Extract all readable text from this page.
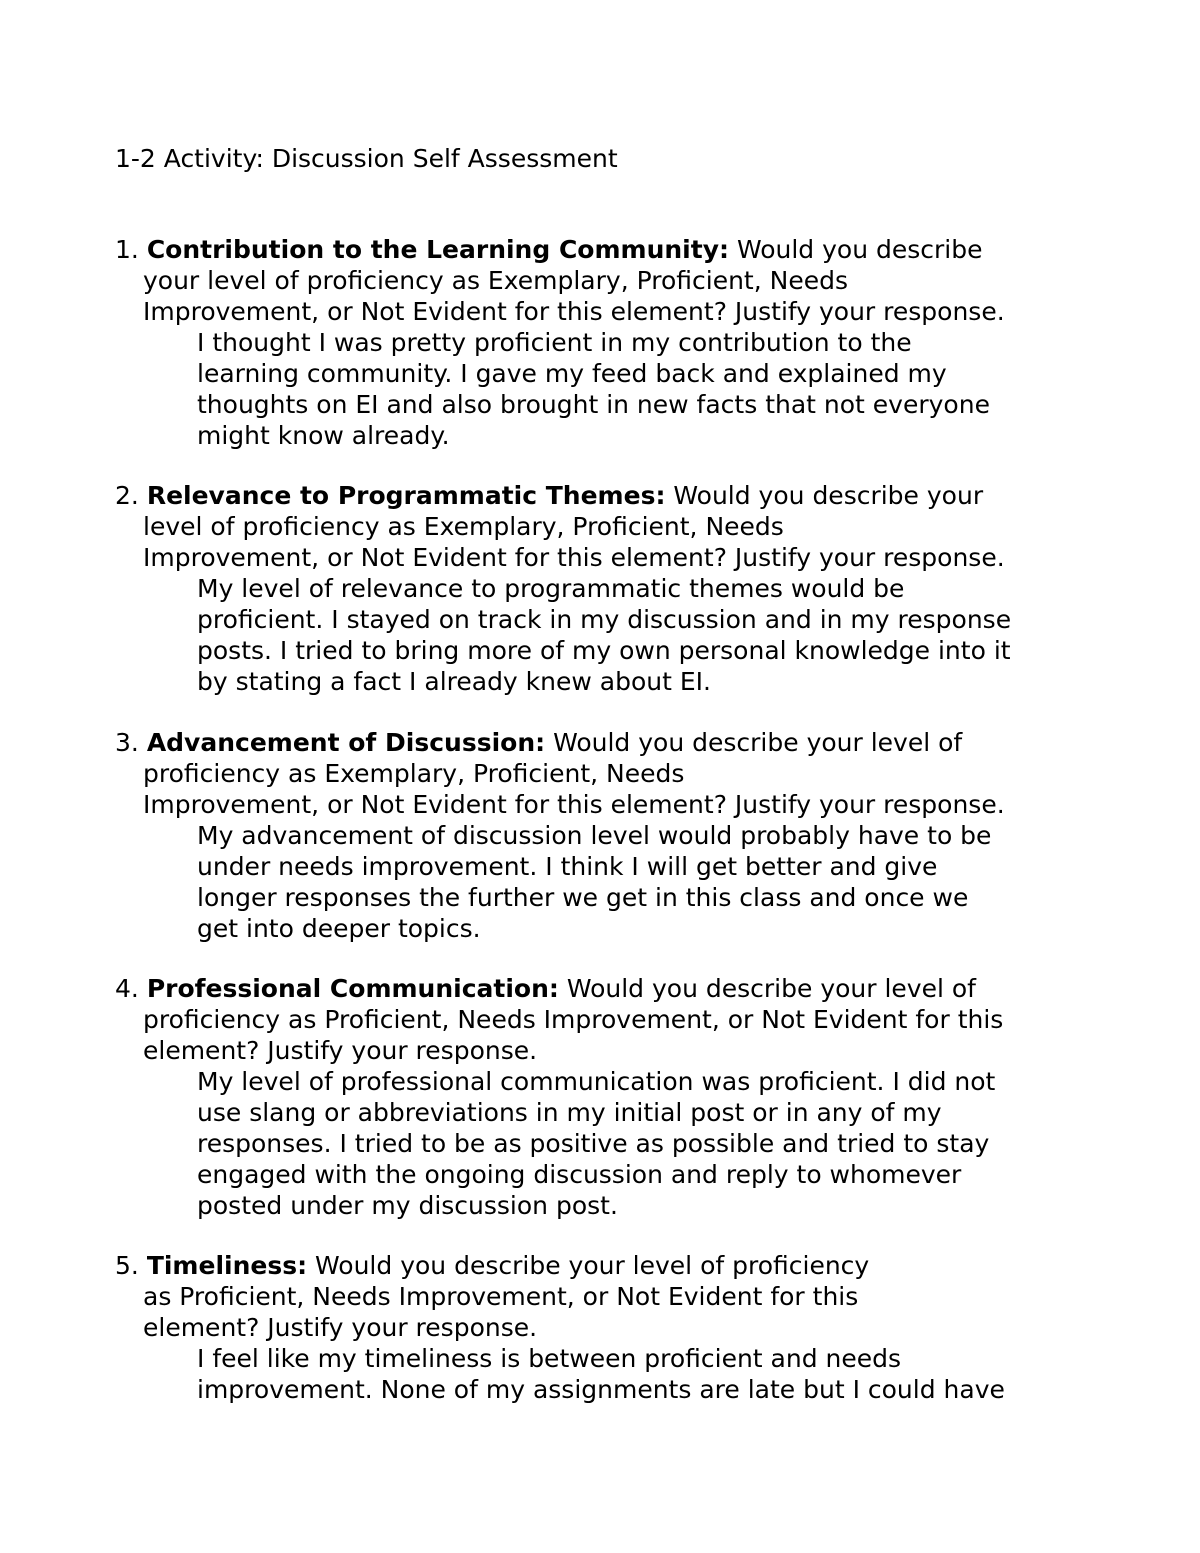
1-2 Activity: Discussion Self Assessment
1. Contribution to the Learning Community: Would you describe
your level of proficiency as Exemplary, Proficient, Needs
Improvement, or Not Evident for this element? Justify your response.
I thought I was pretty proficient in my contribution to the
learning community. I gave my feed back and explained my
thoughts on EI and also brought in new facts that not everyone
might know already.
2. Relevance to Programmatic Themes: Would you describe your
level of proficiency as Exemplary, Proficient, Needs
Improvement, or Not Evident for this element? Justify your response.
My level of relevance to programmatic themes would be
proficient. I stayed on track in my discussion and in my response
posts. I tried to bring more of my own personal knowledge into it
by stating a fact I already knew about EI.
3. Advancement of Discussion: Would you describe your level of
proficiency as Exemplary, Proficient, Needs
Improvement, or Not Evident for this element? Justify your response.
My advancement of discussion level would probably have to be
under needs improvement. I think I will get better and give
longer responses the further we get in this class and once we
get into deeper topics.
4. Professional Communication: Would you describe your level of
proficiency as Proficient, Needs Improvement, or Not Evident for this
element? Justify your response.
My level of professional communication was proficient. I did not
use slang or abbreviations in my initial post or in any of my
responses. I tried to be as positive as possible and tried to stay
engaged with the ongoing discussion and reply to whomever
posted under my discussion post.
5. Timeliness: Would you describe your level of proficiency
as Proficient, Needs Improvement, or Not Evident for this
element? Justify your response.
I feel like my timeliness is between proficient and needs
improvement. None of my assignments are late but I could have
